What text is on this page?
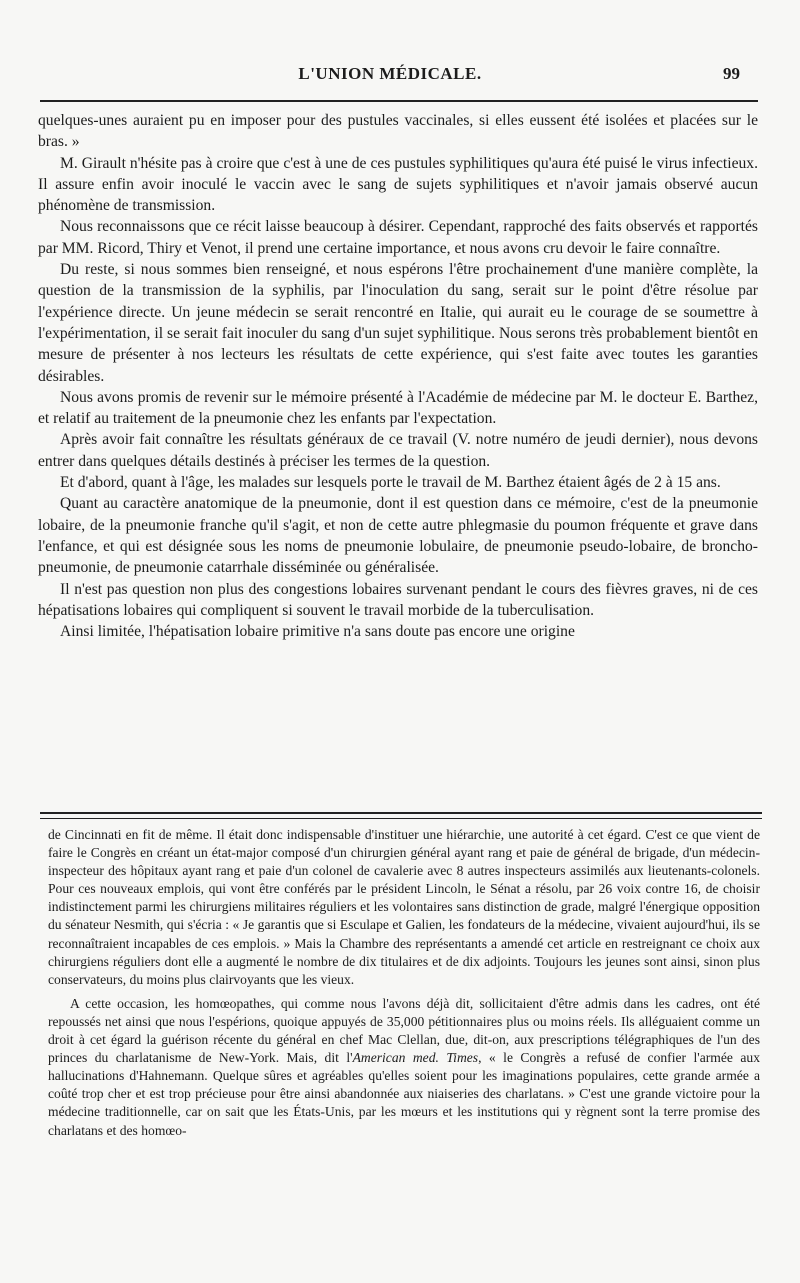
L'UNION MÉDICALE.	99

quelques-unes auraient pu en imposer pour des pustules vaccinales, si elles eussent été isolées et placées sur le bras. »

M. Girault n'hésite pas à croire que c'est à une de ces pustules syphilitiques qu'aura été puisé le virus infectieux. Il assure enfin avoir inoculé le vaccin avec le sang de sujets syphilitiques et n'avoir jamais observé aucun phénomène de transmission.

Nous reconnaissons que ce récit laisse beaucoup à désirer. Cependant, rapproché des faits observés et rapportés par MM. Ricord, Thiry et Venot, il prend une certaine importance, et nous avons cru devoir le faire connaître.

Du reste, si nous sommes bien renseigné, et nous espérons l'être prochainement d'une manière complète, la question de la transmission de la syphilis, par l'inoculation du sang, serait sur le point d'être résolue par l'expérience directe. Un jeune médecin se serait rencontré en Italie, qui aurait eu le courage de se soumettre à l'expérimentation, il se serait fait inoculer du sang d'un sujet syphilitique. Nous serons très probablement bientôt en mesure de présenter à nos lecteurs les résultats de cette expérience, qui s'est faite avec toutes les garanties désirables.

Nous avons promis de revenir sur le mémoire présenté à l'Académie de médecine par M. le docteur E. Barthez, et relatif au traitement de la pneumonie chez les enfants par l'expectation.

Après avoir fait connaître les résultats généraux de ce travail (V. notre numéro de jeudi dernier), nous devons entrer dans quelques détails destinés à préciser les termes de la question.

Et d'abord, quant à l'âge, les malades sur lesquels porte le travail de M. Barthez étaient âgés de 2 à 15 ans.

Quant au caractère anatomique de la pneumonie, dont il est question dans ce mémoire, c'est de la pneumonie lobaire, de la pneumonie franche qu'il s'agit, et non de cette autre phlegmasie du poumon fréquente et grave dans l'enfance, et qui est désignée sous les noms de pneumonie lobulaire, de pneumonie pseudo-lobaire, de broncho-pneumonie, de pneumonie catarrhale disséminée ou généralisée.

Il n'est pas question non plus des congestions lobaires survenant pendant le cours des fièvres graves, ni de ces hépatisations lobaires qui compliquent si souvent le travail morbide de la tuberculisation.

Ainsi limitée, l'hépatisation lobaire primitive n'a sans doute pas encore une origine

de Cincinnati en fit de même. Il était donc indispensable d'instituer une hiérarchie, une autorité à cet égard. C'est ce que vient de faire le Congrès en créant un état-major composé d'un chirurgien général ayant rang et paie de général de brigade, d'un médecin-inspecteur des hôpitaux ayant rang et paie d'un colonel de cavalerie avec 8 autres inspecteurs assimilés aux lieutenants-colonels. Pour ces nouveaux emplois, qui vont être conférés par le président Lincoln, le Sénat a résolu, par 26 voix contre 16, de choisir indistinctement parmi les chirurgiens militaires réguliers et les volontaires sans distinction de grade, malgré l'énergique opposition du sénateur Nesmith, qui s'écria : « Je garantis que si Esculape et Galien, les fondateurs de la médecine, vivaient aujourd'hui, ils se reconnaîtraient incapables de ces emplois. » Mais la Chambre des représentants a amendé cet article en restreignant ce choix aux chirurgiens réguliers dont elle a augmenté le nombre de dix titulaires et de dix adjoints. Toujours les jeunes sont ainsi, sinon plus conservateurs, du moins plus clairvoyants que les vieux.

A cette occasion, les homœopathes, qui comme nous l'avons déjà dit, sollicitaient d'être admis dans les cadres, ont été repoussés net ainsi que nous l'espérions, quoique appuyés de 35,000 pétitionnaires plus ou moins réels. Ils alléguaient comme un droit à cet égard la guérison récente du général en chef Mac Clellan, due, dit-on, aux prescriptions télégraphiques de l'un des princes du charlatanisme de New-York. Mais, dit l'American med. Times, « le Congrès a refusé de confier l'armée aux hallucinations d'Hahnemann. Quelque sûres et agréables qu'elles soient pour les imaginations populaires, cette grande armée a coûté trop cher et est trop précieuse pour être ainsi abandonnée aux niaiseries des charlatans. » C'est une grande victoire pour la médecine traditionnelle, car on sait que les États-Unis, par les mœurs et les institutions qui y règnent sont la terre promise des charlatans et des homœo-
